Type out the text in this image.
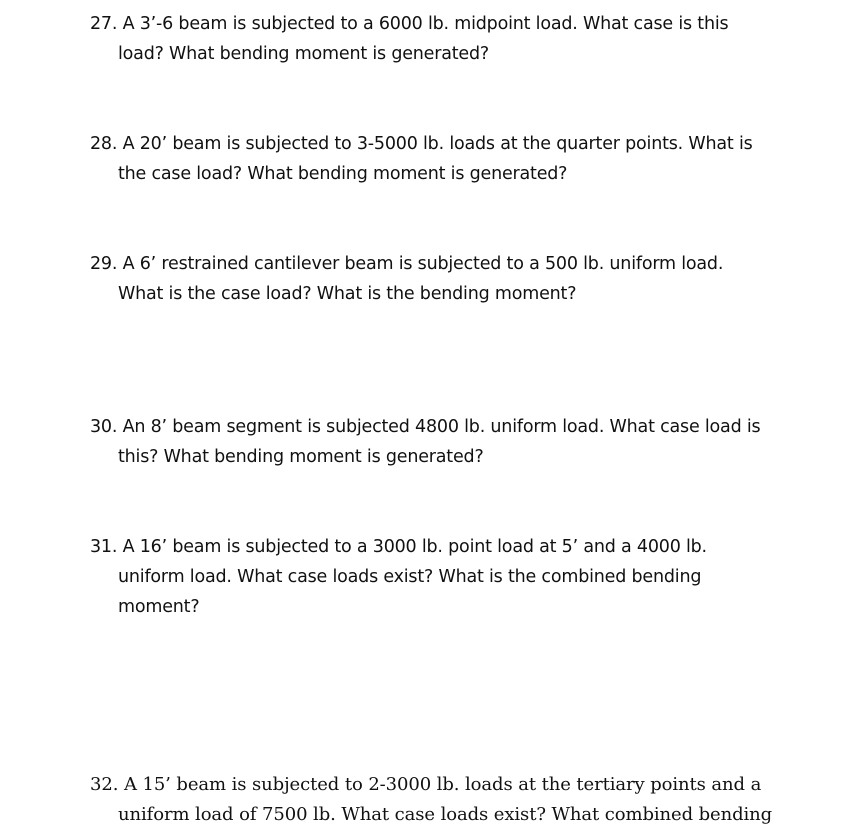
27. A 3’-6 beam is subjected to a 6000 lb. midpoint load. What case is this
load? What bending moment is generated?
28. A 20’ beam is subjected to 3-5000 lb. loads at the quarter points. What is
the case load? What bending moment is generated?
29. A 6’ restrained cantilever beam is subjected to a 500 lb. uniform load.
What is the case load? What is the bending moment?
30. An 8’ beam segment is subjected 4800 lb. uniform load. What case load is
this? What bending moment is generated?
31. A 16’ beam is subjected to a 3000 lb. point load at 5’ and a 4000 lb.
uniform load. What case loads exist? What is the combined bending
moment?
32. A 15’ beam is subjected to 2-3000 lb. loads at the tertiary points and a
uniform load of 7500 lb. What case loads exist? What combined bending
